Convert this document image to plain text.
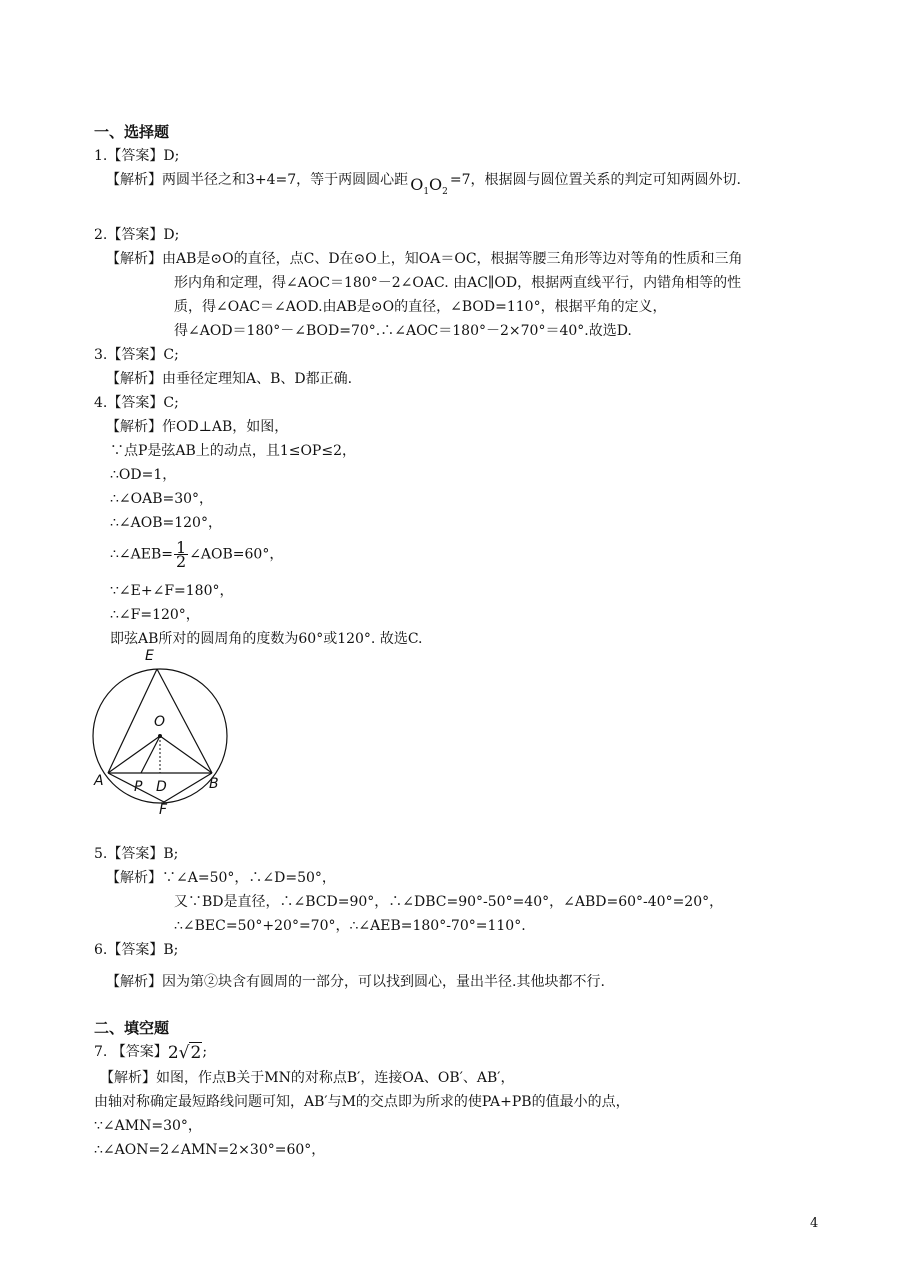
一、选择题
1.【答案】D;
【解析】两圆半径之和3+4=7，等于两圆圆心距 $O_1O_2=7$，根据圆与圆位置关系的判定可知两圆外切.
2.【答案】D;
【解析】由AB是⊙O的直径，点C、D在⊙O上，知OA＝OC，根据等腰三角形等边对等角的性质和三角
形内角和定理，得∠AOC＝180°－2∠OAC. 由AC∥OD，根据两直线平行，内错角相等的性
质，得∠OAC＝∠AOD.由AB是⊙O的直径，∠BOD=110°，根据平角的定义，
得∠AOD＝180°－∠BOD=70°.∴∠AOC＝180°－2×70°＝40°.故选D.
3.【答案】C;
【解析】由垂径定理知A、B、D都正确.
4.【答案】C;
【解析】作OD⊥AB，如图，
∵点P是弦AB上的动点，且1≤OP≤2，
∴OD=1，
∴∠OAB=30°，
∴∠AOB=120°，
∴∠AEB= $\frac{1}{2}$ ∠AOB=60°，
∵∠E+∠F=180°，
∴∠F=120°，
即弦AB所对的圆周角的度数为60°或120°. 故选C.
E
O
A P D	B
F
5.【答案】B;
【解析】∵∠A=50°，∴∠D=50°，
又∵BD是直径，∴∠BCD=90°，∴∠DBC=90°-50°=40°，∠ABD=60°-40°=20°，
∴∠BEC=50°+20°=70°，∴∠AEB=180°-70°=110°.
6.【答案】B;
【解析】因为第②块含有圆周的一部分，可以找到圆心，量出半径.其他块都不行.
二、填空题
7. 【答案】2√2;
【解析】如图，作点B关于MN的对称点B′，连接OA、OB′、AB′，
由轴对称确定最短路线问题可知，AB′与M的交点即为所求的使PA+PB的值最小的点，
∵∠AMN=30°，
∴∠AON=2∠AMN=2×30°=60°，
4
